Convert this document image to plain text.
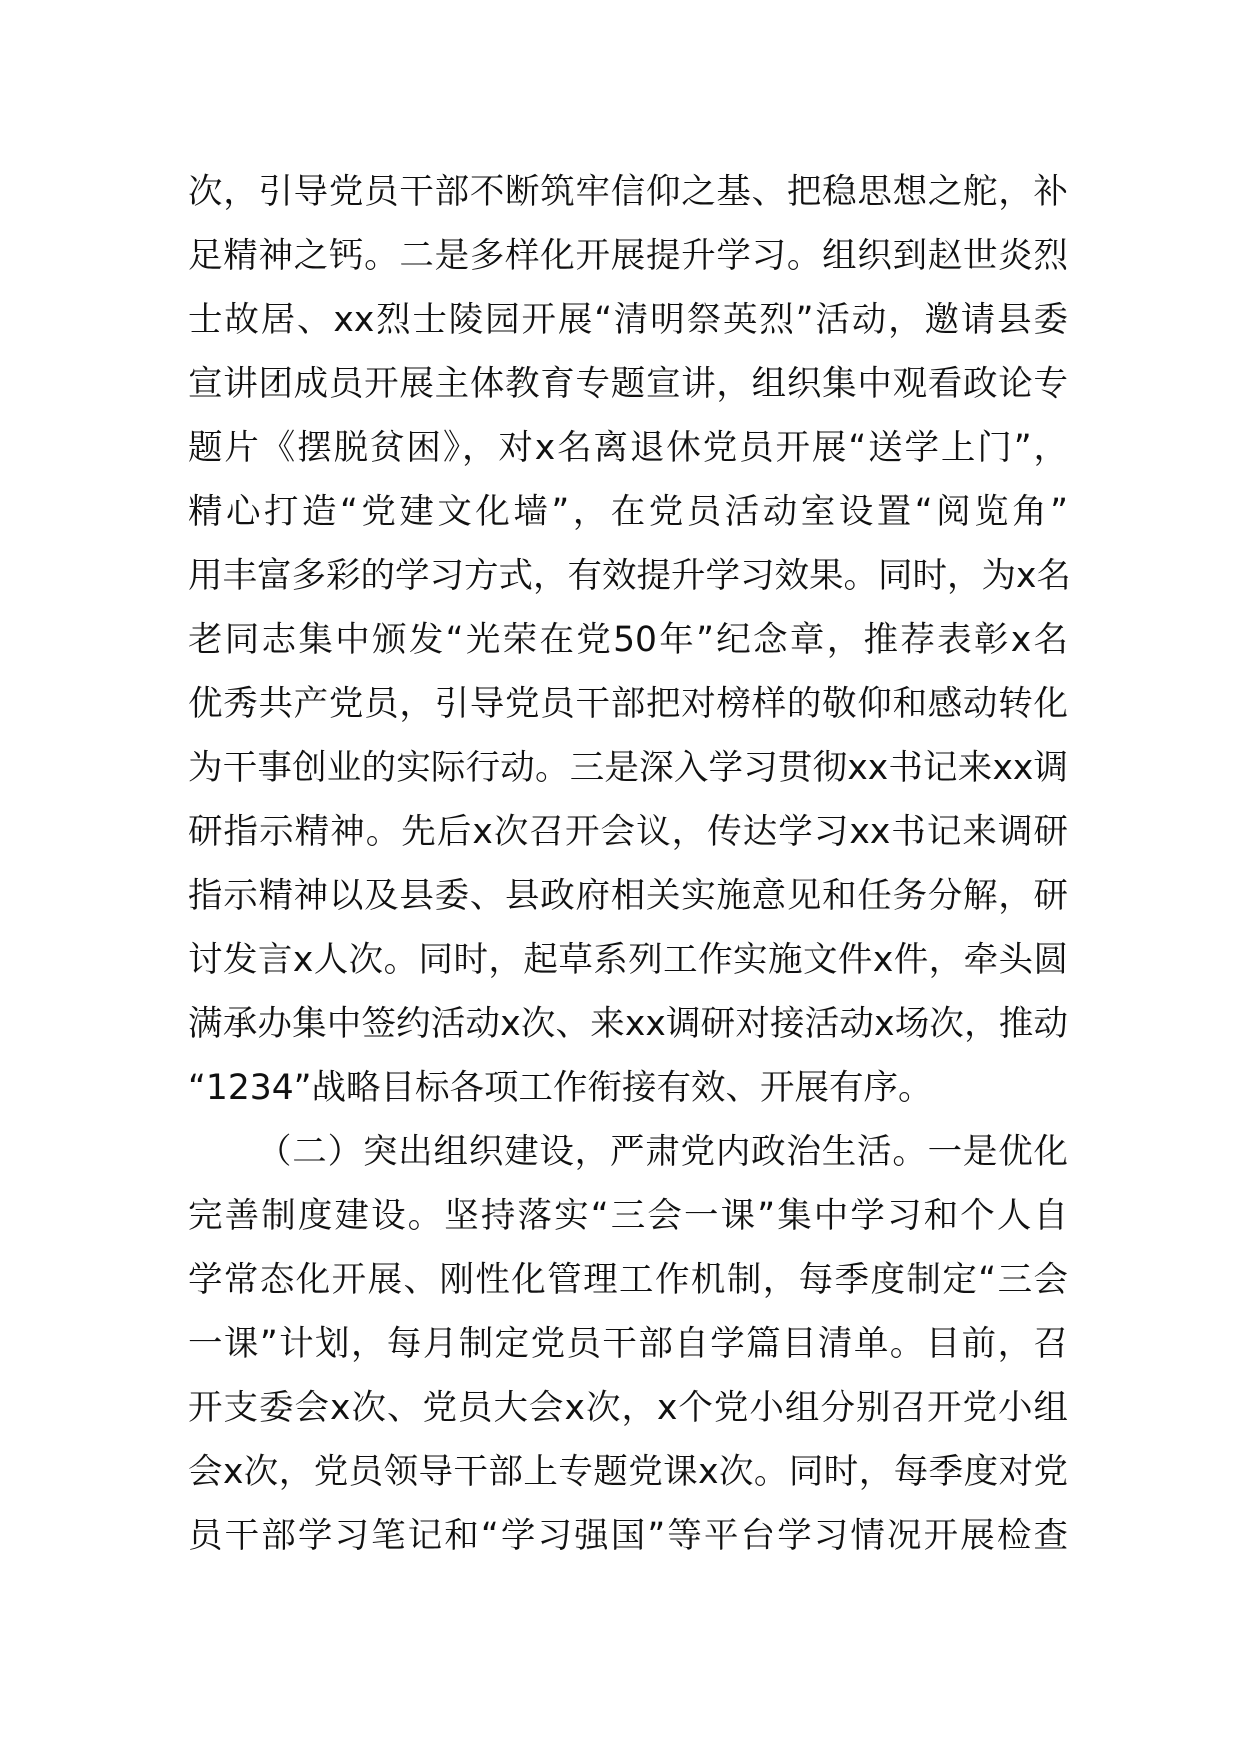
次，引导党员干部不断筑牢信仰之基、把稳思想之舵，补
足精神之钙。二是多样化开展提升学习。组织到赵世炎烈
士故居、xx烈士陵园开展“清明祭英烈”活动，邀请县委
宣讲团成员开展主体教育专题宣讲，组织集中观看政论专
题片《摆脱贫困》，对x名离退休党员开展“送学上门”，
精心打造“党建文化墙”，在党员活动室设置“阅览角”
用丰富多彩的学习方式，有效提升学习效果。同时，为x名
老同志集中颁发“光荣在党50年”纪念章，推荐表彰x名
优秀共产党员，引导党员干部把对榜样的敬仰和感动转化
为干事创业的实际行动。三是深入学习贯彻xx书记来xx调
研指示精神。先后x次召开会议，传达学习xx书记来调研
指示精神以及县委、县政府相关实施意见和任务分解，研
讨发言x人次。同时，起草系列工作实施文件x件，牵头圆
满承办集中签约活动x次、来xx调研对接活动x场次，推动
“1234”战略目标各项工作衔接有效、开展有序。
（二）突出组织建设，严肃党内政治生活。一是优化
完善制度建设。坚持落实“三会一课”集中学习和个人自
学常态化开展、刚性化管理工作机制，每季度制定“三会
一课”计划，每月制定党员干部自学篇目清单。目前，召
开支委会x次、党员大会x次，x个党小组分别召开党小组
会x次，党员领导干部上专题党课x次。同时，每季度对党
员干部学习笔记和“学习强国”等平台学习情况开展检查
